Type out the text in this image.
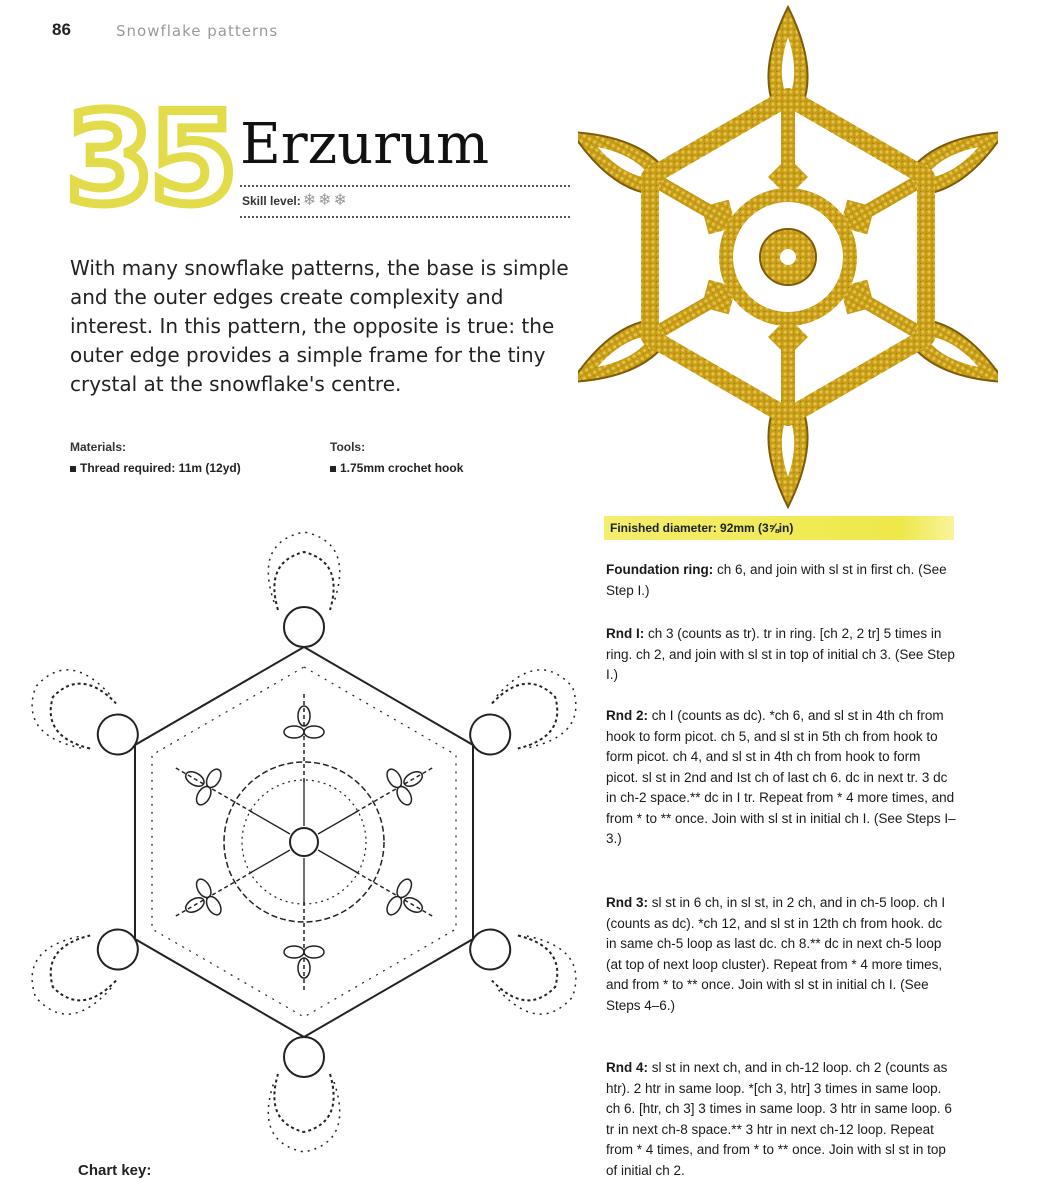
86	Snowflake patterns
35 Erzurum
Skill level: ❄ ❄ ❄
With many snowflake patterns, the base is simple and the outer edges create complexity and interest. In this pattern, the opposite is true: the outer edge provides a simple frame for the tiny crystal at the snowflake's centre.
Materials:
Thread required: 11m (12yd)
Tools:
1.75mm crochet hook
Finished diameter: 92mm (3⅝in)
Foundation ring: ch 6, and join with sl st in first ch. (See Step I.)
Rnd I: ch 3 (counts as tr). tr in ring. [ch 2, 2 tr] 5 times in ring. ch 2, and join with sl st in top of initial ch 3. (See Step I.)
Rnd 2: ch I (counts as dc). *ch 6, and sl st in 4th ch from hook to form picot. ch 5, and sl st in 5th ch from hook to form picot. ch 4, and sl st in 4th ch from hook to form picot. sl st in 2nd and Ist ch of last ch 6. dc in next tr. 3 dc in ch-2 space.** dc in I tr. Repeat from * 4 more times, and from * to ** once. Join with sl st in initial ch I. (See Steps I–3.)
Rnd 3: sl st in 6 ch, in sl st, in 2 ch, and in ch-5 loop. ch I (counts as dc). *ch 12, and sl st in 12th ch from hook. dc in same ch-5 loop as last dc. ch 8.** dc in next ch-5 loop (at top of next loop cluster). Repeat from * 4 more times, and from * to ** once. Join with sl st in initial ch I. (See Steps 4–6.)
Rnd 4: sl st in next ch, and in ch-12 loop. ch 2 (counts as htr). 2 htr in same loop. *[ch 3, htr] 3 times in same loop. ch 6. [htr, ch 3] 3 times in same loop. 3 htr in same loop. 6 tr in next ch-8 space.** 3 htr in next ch-12 loop. Repeat from * 4 times, and from * to ** once. Join with sl st in top of initial ch 2.
Chart key:
